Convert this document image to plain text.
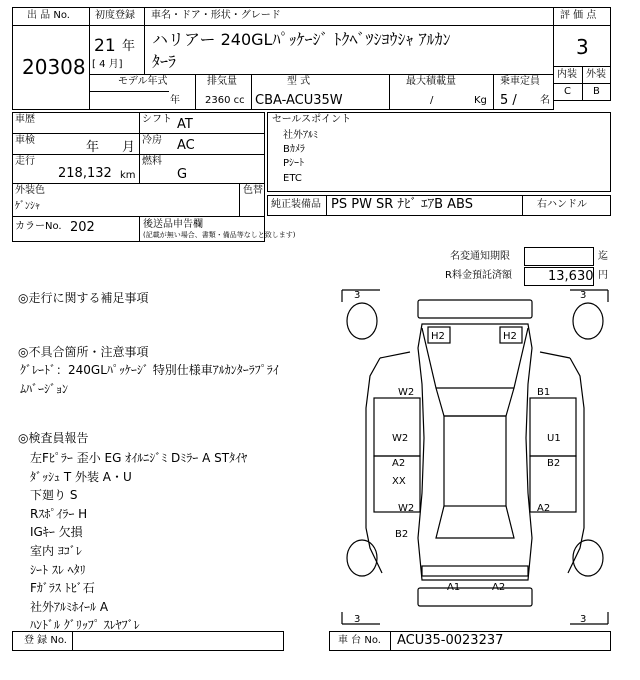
出 品 No.
20308
初度登録
21 年
[ 4 月]
車名・ドア・形状・グレード
ハリアー 240GLﾊﾟｯｹｰｼﾞ ﾄｸﾍﾞﾂｼﾖｳｼｬ ｱﾙｶﾝ
ﾀｰﾗ
モデル年式
年
排気量
2360 cc
型 式
CBA-ACU35W
最大積載量
/	Kg
乗車定員
5 / 名
評 価 点
3
内装 外装
C B
車歴	シフト AT
車検	年 月 冷房 AC
走行
218,132 km
燃料
G
外装色
ｹﾞﾝｼｬ
色替
カラーNo. 202	後送品申告欄
(記載が無い場合、書類・備品等なしと致します)
セールスポイント
社外ｱﾙﾐ
Bｶﾒﾗ
Pｼｰﾄ
ETC
純正装備品 PS PW SR ﾅﾋﾞ ｴｱB ABS	右ハンドル
名変通知期限	迄
R料金預託済額	13,630 円
◎走行に関する補足事項
◎不具合箇所・注意事項
ｸﾞﾚｰﾄﾞ：240GLﾊﾟｯｹｰｼﾞ 特別仕様車ｱﾙｶﾝﾀｰﾗﾌﾟﾗｲ
ﾑﾊﾞｰｼﾞｮﾝ
◎検査員報告
左Fﾋﾟﾗｰ 歪小 EG ｵｲﾙﾆｼﾞﾐ Dﾐﾗｰ A STﾀｲﾔ
ﾀﾞｯｼｭ T 外装 A・U
下廻り S
Rｽﾎﾟｲﾗｰ H
IGｷｰ 欠損
室内 ﾖｺﾞﾚ
ｼｰﾄ ｽﾚ ﾍﾀﾘ
Fｶﾞﾗｽ ﾄﾋﾞ石
社外ｱﾙﾐﾎｲｰﾙ A
ﾊﾝﾄﾞﾙ ｸﾞﾘｯﾌﾟ ｽﾚﾔﾌﾞﾚ
3	3
3	3
H2	H2
W2	B1
W2	U1
A2	B2
XX
W2	A2
B2
A1	A2
登 録 No.	車 台 No. ACU35-0023237
